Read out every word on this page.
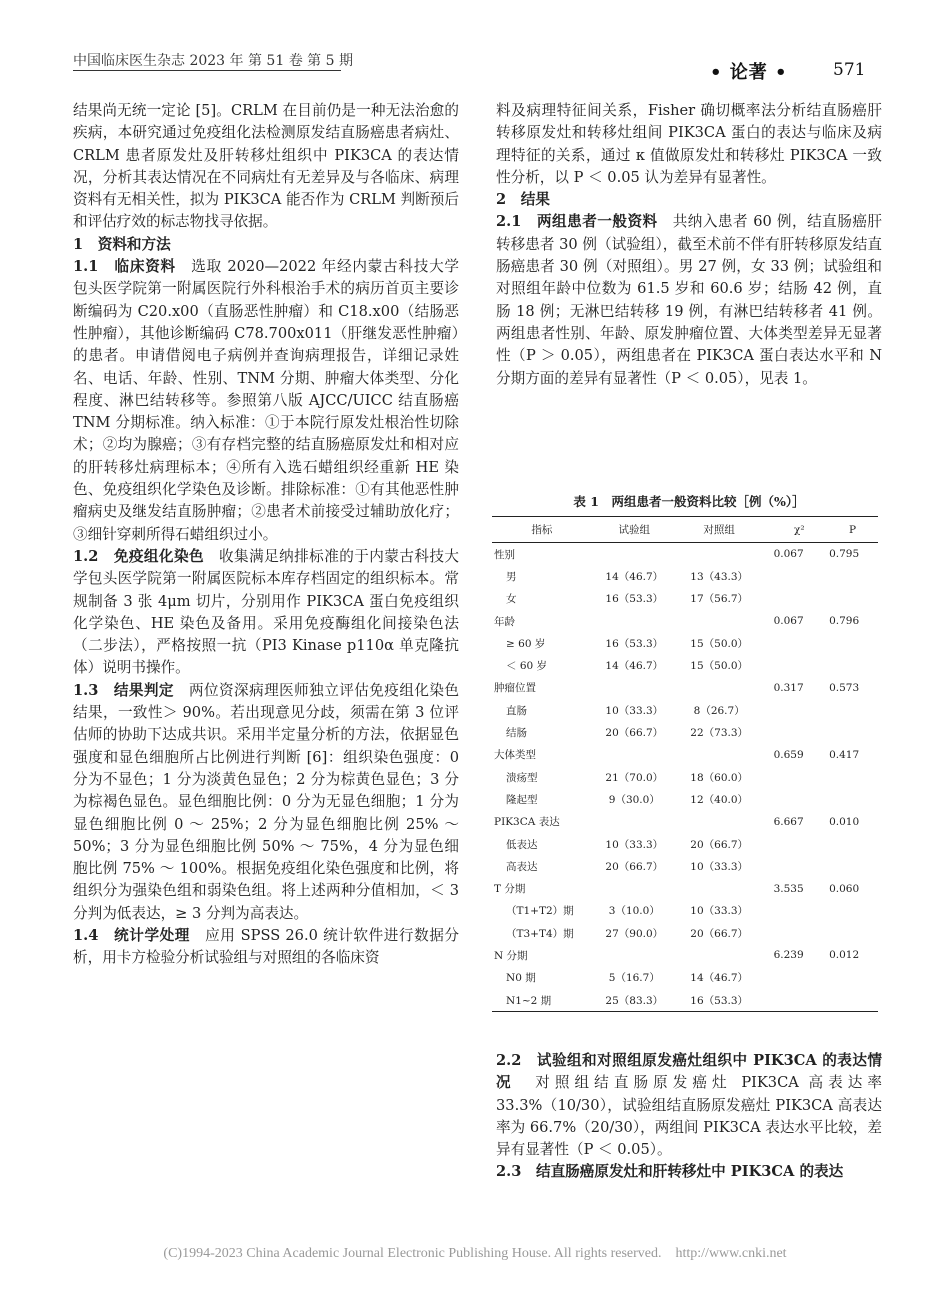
中国临床医生杂志 2023 年 第 51 卷 第 5 期
• 论著 •	571

结果尚无统一定论 [5]。CRLM 在目前仍是一种无法治愈的疾病，本研究通过免疫组化法检测原发结直肠癌患者病灶、CRLM 患者原发灶及肝转移灶组织中 PIK3CA 的表达情况，分析其表达情况在不同病灶有无差异及与各临床、病理资料有无相关性，拟为 PIK3CA 能否作为 CRLM 判断预后和评估疗效的标志物找寻依据。

1　资料和方法

1.1　临床资料　选取 2020—2022 年经内蒙古科技大学包头医学院第一附属医院行外科根治手术的病历首页主要诊断编码为 C20.x00（直肠恶性肿瘤）和 C18.x00（结肠恶性肿瘤），其他诊断编码 C78.700x011（肝继发恶性肿瘤）的患者。申请借阅电子病例并查询病理报告，详细记录姓名、电话、年龄、性别、TNM 分期、肿瘤大体类型、分化程度、淋巴结转移等。参照第八版 AJCC/UICC 结直肠癌 TNM 分期标准。纳入标准：①于本院行原发灶根治性切除术；②均为腺癌；③有存档完整的结直肠癌原发灶和相对应的肝转移灶病理标本；④所有入选石蜡组织经重新 HE 染色、免疫组织化学染色及诊断。排除标准：①有其他恶性肿瘤病史及继发结直肠肿瘤；②患者术前接受过辅助放化疗；③细针穿刺所得石蜡组织过小。

1.2　免疫组化染色　收集满足纳排标准的于内蒙古科技大学包头医学院第一附属医院标本库存档固定的组织标本。常规制备 3 张 4μm 切片，分别用作 PIK3CA 蛋白免疫组织化学染色、HE 染色及备用。采用免疫酶组化间接染色法（二步法），严格按照一抗（PI3 Kinase p110α 单克隆抗体）说明书操作。

1.3　结果判定　两位资深病理医师独立评估免疫组化染色结果，一致性＞ 90%。若出现意见分歧，须需在第 3 位评估师的协助下达成共识。采用半定量分析的方法，依据显色强度和显色细胞所占比例进行判断 [6]：组织染色强度：0 分为不显色；1 分为淡黄色显色；2 分为棕黄色显色；3 分为棕褐色显色。显色细胞比例：0 分为无显色细胞；1 分为显色细胞比例 0 ～ 25%；2 分为显色细胞比例 25% ～ 50%；3 分为显色细胞比例 50% ～ 75%，4 分为显色细胞比例 75% ～ 100%。根据免疫组化染色强度和比例，将组织分为强染色组和弱染色组。将上述两种分值相加，＜ 3 分判为低表达，≥ 3 分判为高表达。

1.4　统计学处理　应用 SPSS 26.0 统计软件进行数据分析，用卡方检验分析试验组与对照组的各临床资

料及病理特征间关系，Fisher 确切概率法分析结直肠癌肝转移原发灶和转移灶组间 PIK3CA 蛋白的表达与临床及病理特征的关系，通过 κ 值做原发灶和转移灶 PIK3CA 一致性分析，以 P ＜ 0.05 认为差异有显著性。

2　结果

2.1　两组患者一般资料　共纳入患者 60 例，结直肠癌肝转移患者 30 例（试验组），截至术前不伴有肝转移原发结直肠癌患者 30 例（对照组）。男 27 例，女 33 例；试验组和对照组年龄中位数为 61.5 岁和 60.6 岁；结肠 42 例，直肠 18 例；无淋巴结转移 19 例，有淋巴结转移者 41 例。两组患者性别、年龄、原发肿瘤位置、大体类型差异无显著性（P ＞ 0.05），两组患者在 PIK3CA 蛋白表达水平和 N 分期方面的差异有显著性（P ＜ 0.05），见表 1。

表 1　两组患者一般资料比较［例（%）］
指标	试验组	对照组	χ²	P
性别			0.067	0.795
男	14（46.7）	13（43.3）		
女	16（53.3）	17（56.7）		
年龄			0.067	0.796
≥ 60 岁	16（53.3）	15（50.0）		
＜ 60 岁	14（46.7）	15（50.0）		
肿瘤位置			0.317	0.573
直肠	10（33.3）	8（26.7）		
结肠	20（66.7）	22（73.3）		
大体类型			0.659	0.417
溃疡型	21（70.0）	18（60.0）		
隆起型	9（30.0）	12（40.0）		
PIK3CA 表达			6.667	0.010
低表达	10（33.3）	20（66.7）		
高表达	20（66.7）	10（33.3）		
T 分期			3.535	0.060
（T1+T2）期	3（10.0）	10（33.3）		
（T3+T4）期	27（90.0）	20（66.7）		
N 分期			6.239	0.012
N0 期	5（16.7）	14（46.7）		
N1~2 期	25（83.3）	16（53.3）		

2.2　试验组和对照组原发癌灶组织中 PIK3CA 的表达情况　对照组结直肠原发癌灶 PIK3CA 高表达率 33.3%（10/30），试验组结直肠原发癌灶 PIK3CA 高表达率为 66.7%（20/30），两组间 PIK3CA 表达水平比较，差异有显著性（P ＜ 0.05）。

2.3　结直肠癌原发灶和肝转移灶中 PIK3CA 的表达

(C)1994-2023 China Academic Journal Electronic Publishing House. All rights reserved.　http://www.cnki.net
